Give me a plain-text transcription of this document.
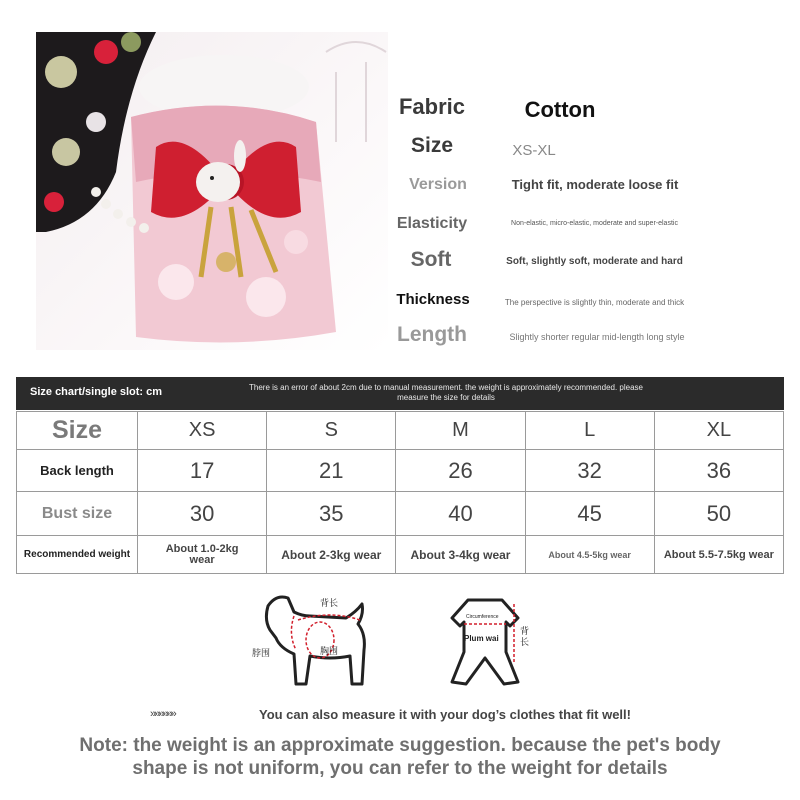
Fabric	Cotton
Size	XS-XL
Version	Tight fit, moderate loose fit
Elasticity	Non-elastic, micro-elastic, moderate and super-elastic
Soft	Soft, slightly soft, moderate and hard
Thickness	The perspective is slightly thin, moderate and thick
Length	Slightly shorter regular mid-length long style
Size chart/single slot: cm	There is an error of about 2cm due to manual measurement. the weight is approximately recommended. please measure the size for details
Size	XS	S	M	L	XL
Back length	17	21	26	32	36
Bust size	30	35	40	45	50
Recommended weight	About 1.0-2kg wear	About 2-3kg wear	About 3-4kg wear	About 4.5-5kg wear	About 5.5-7.5kg wear
背长
脖围	胸围
Circumference
Plum wai
背长
»»»»»»	You can also measure it with your dog’s clothes that fit well!
Note: the weight is an approximate suggestion. because the pet's body
shape is not uniform, you can refer to the weight for details
